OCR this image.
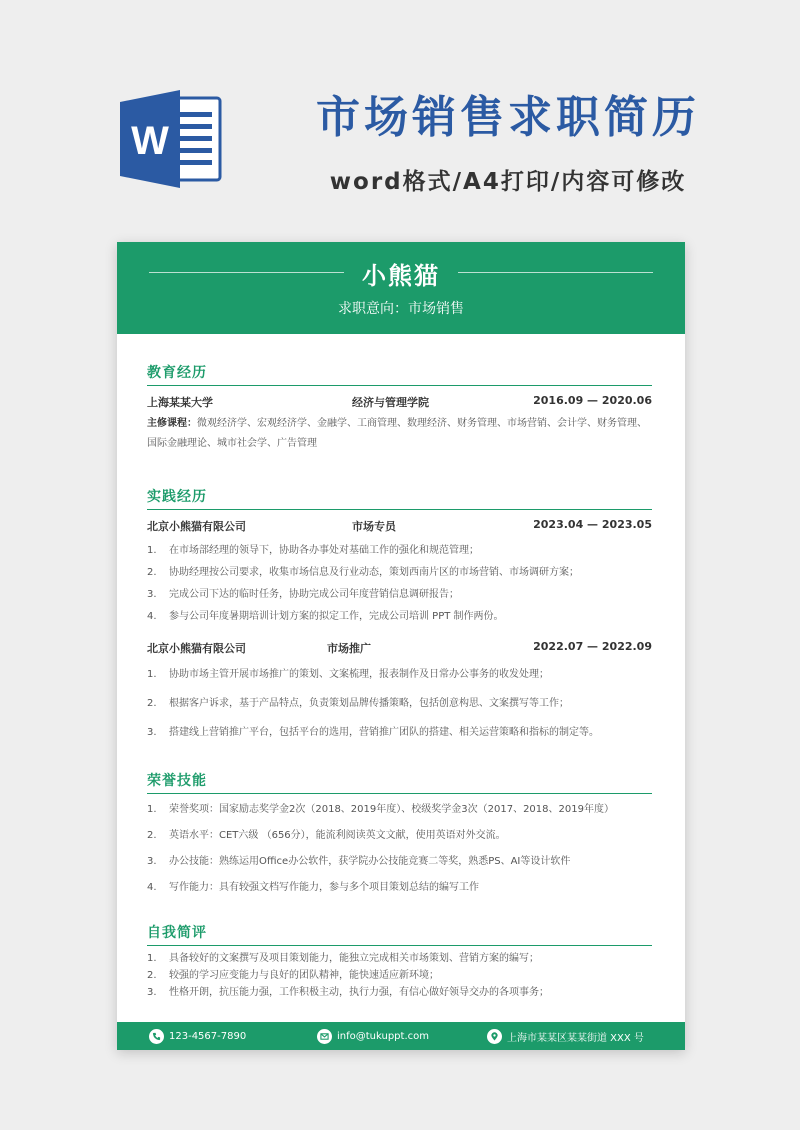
W	市场销售求职简历
word格式/A4打印/内容可修改
小熊猫
求职意向：市场销售
教育经历
上海某某大学	经济与管理学院	2016.09 — 2020.06
主修课程：微观经济学、宏观经济学、金融学、工商管理、数理经济、财务管理、市场营销、会计学、财务管理、国际金融理论、城市社会学、广告管理
实践经历
北京小熊猫有限公司	市场专员	2023.04 — 2023.05
1.	在市场部经理的领导下，协助各办事处对基础工作的强化和规范管理；
2.	协助经理按公司要求，收集市场信息及行业动态，策划西南片区的市场营销、市场调研方案；
3.	完成公司下达的临时任务，协助完成公司年度营销信息调研报告；
4.	参与公司年度暑期培训计划方案的拟定工作，完成公司培训 PPT 制作两份。
北京小熊猫有限公司	市场推广	2022.07 — 2022.09
1.	协助市场主管开展市场推广的策划、文案梳理，报表制作及日常办公事务的收发处理；
2.	根据客户诉求，基于产品特点，负责策划品牌传播策略，包括创意构思、文案撰写等工作；
3.	搭建线上营销推广平台，包括平台的选用，营销推广团队的搭建、相关运营策略和指标的制定等。
荣誉技能
1.	荣誉奖项：国家励志奖学金2次（2018、2019年度）、校级奖学金3次（2017、2018、2019年度）
2.	英语水平：CET六级 （656分），能流利阅读英文文献，使用英语对外交流。
3.	办公技能：熟练运用Office办公软件，获学院办公技能竞赛二等奖，熟悉PS、AI等设计软件
4.	写作能力：具有较强文档写作能力，参与多个项目策划总结的编写工作
自我简评
1.	具备较好的文案撰写及项目策划能力，能独立完成相关市场策划、营销方案的编写；
2.	较强的学习应变能力与良好的团队精神，能快速适应新环境；
3.	性格开朗，抗压能力强，工作积极主动，执行力强，有信心做好领导交办的各项事务；
123-4567-7890	info@tukuppt.com	上海市某某区某某街道 XXX 号
